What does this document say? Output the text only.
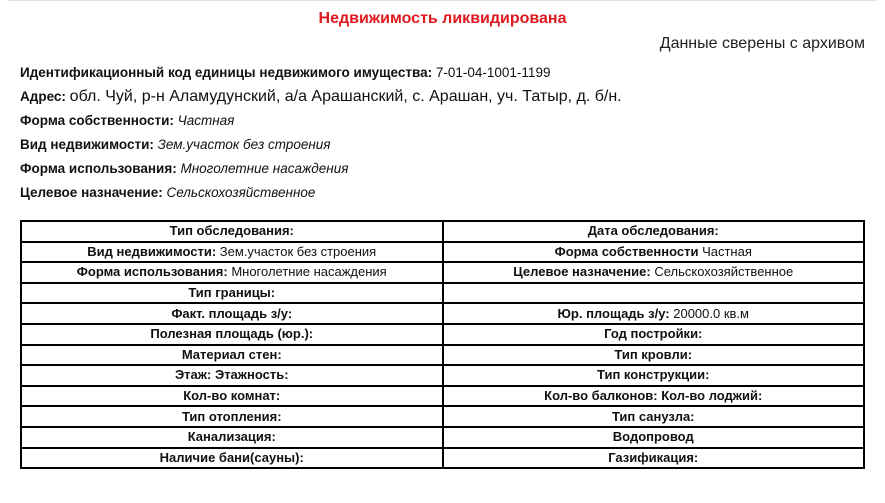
Недвижимость ликвидирована
Данные сверены с архивом
Идентификационный код единицы недвижимого имущества: 7-01-04-1001-1199
Адрес: обл. Чуй, р-н Аламудунский, а/а Арашанский, с. Арашан, уч. Татыр, д. б/н.
Форма собственности: Частная
Вид недвижимости: Зем.участок без строения
Форма использования: Многолетние насаждения
Целевое назначение: Сельскохозяйственное
Тип обследования:	Дата обследования:
Вид недвижимости: Зем.участок без строения	Форма собственности Частная
Форма использования: Многолетние насаждения	Целевое назначение: Сельскохозяйственное
Тип границы:	
Факт. площадь з/у:	Юр. площадь з/у: 20000.0 кв.м
Полезная площадь (юр.):	Год постройки:
Материал стен:	Тип кровли:
Этаж: Этажность:	Тип конструкции:
Кол-во комнат:	Кол-во балконов: Кол-во лоджий:
Тип отопления:	Тип санузла:
Канализация:	Водопровод
Наличие бани(сауны):	Газификация:
